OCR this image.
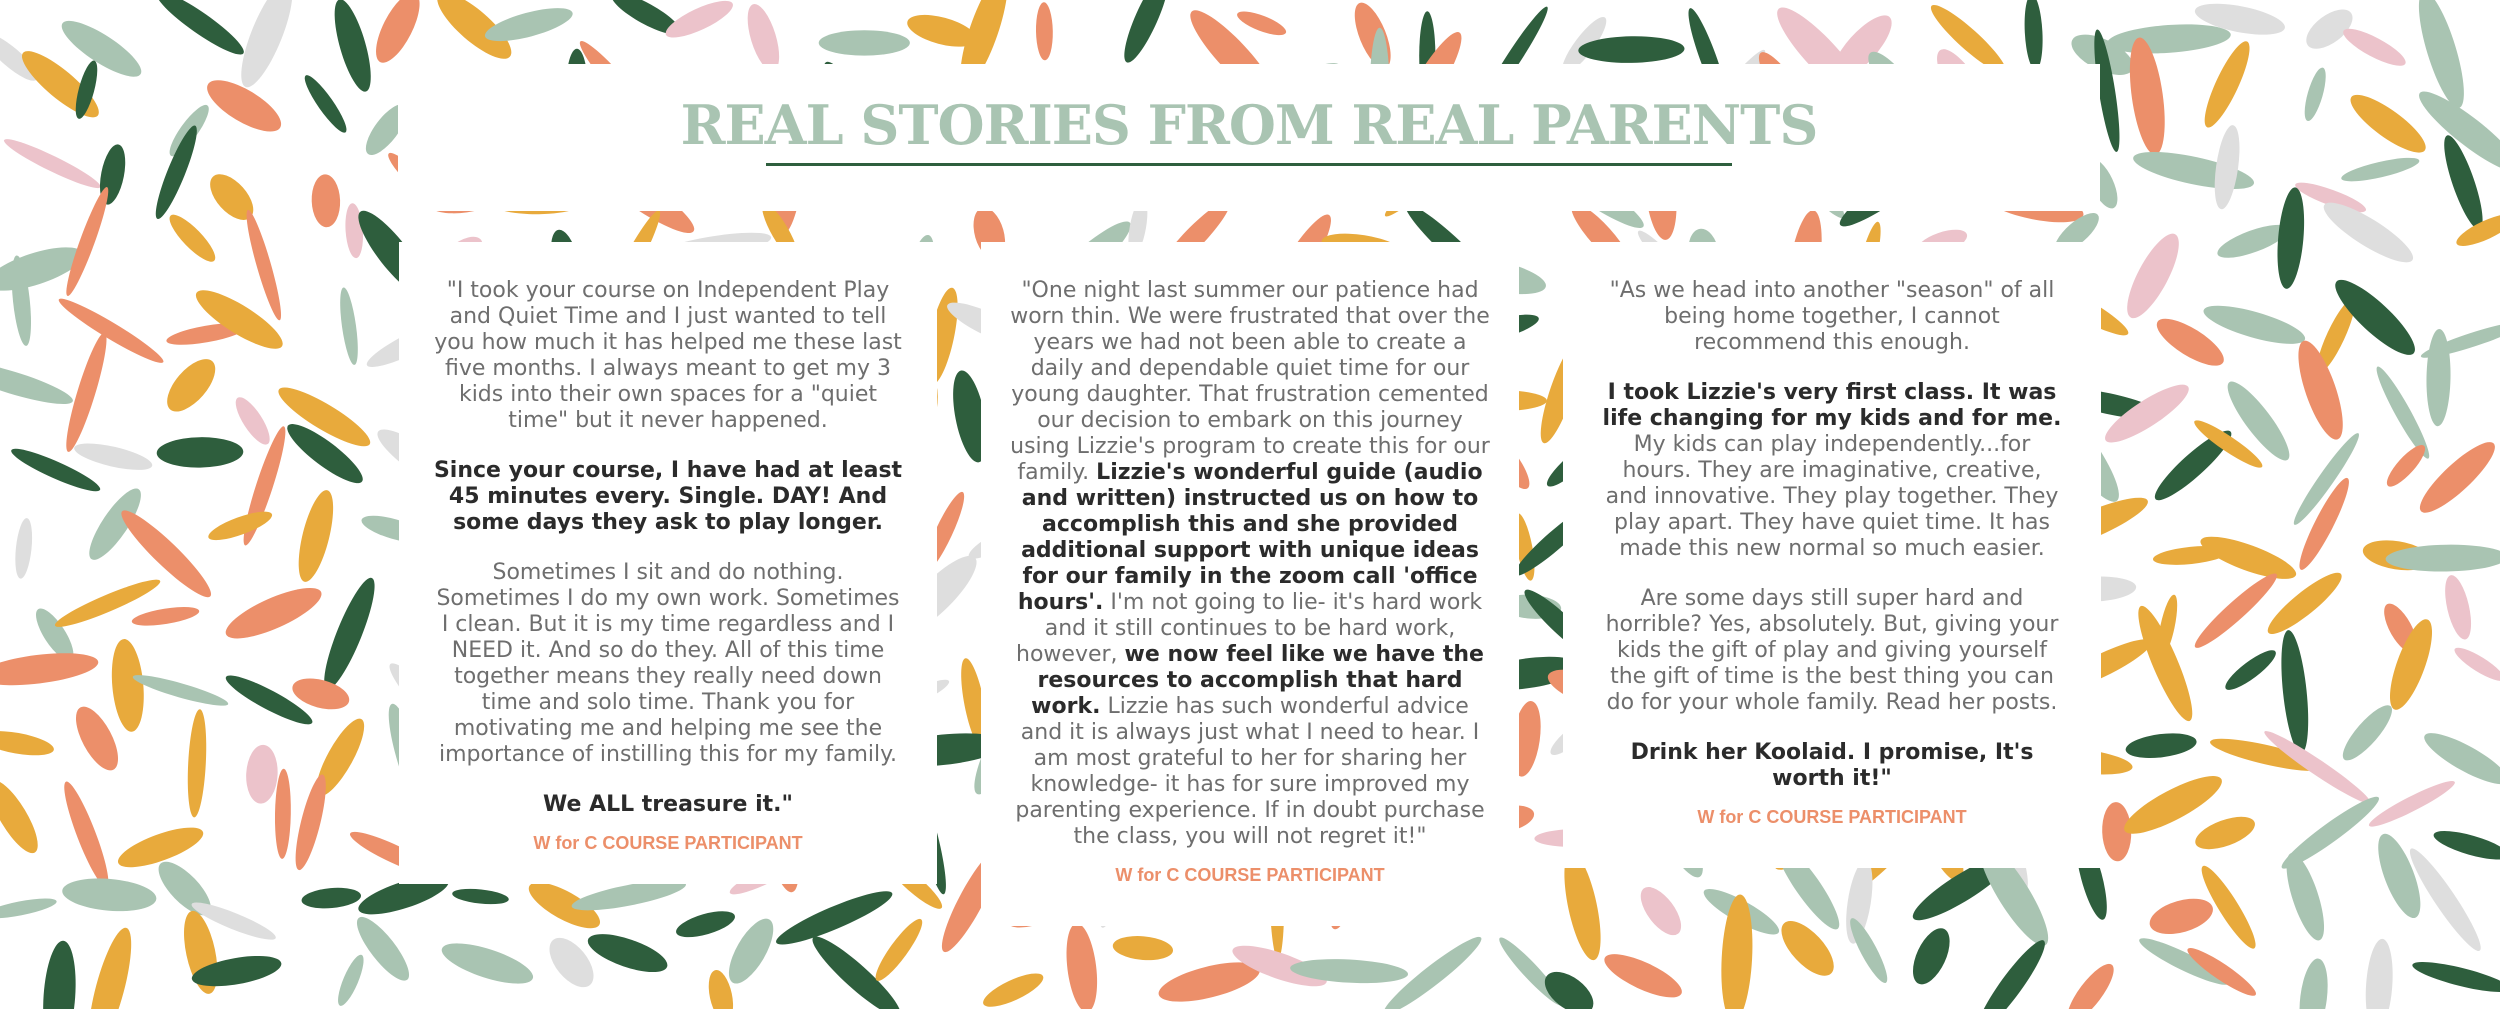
REAL STORIES FROM REAL PARENTS

"I took your course on Independent Play and Quiet Time and I just wanted to tell you how much it has helped me these last five months. I always meant to get my 3 kids into their own spaces for a "quiet time" but it never happened.

Since your course, I have had at least 45 minutes every. Single. DAY! And some days they ask to play longer.

Sometimes I sit and do nothing. Sometimes I do my own work. Sometimes I clean. But it is my time regardless and I NEED it. And so do they. All of this time together means they really need down time and solo time. Thank you for motivating me and helping me see the importance of instilling this for my family.

We ALL treasure it."

W for C COURSE PARTICIPANT

"One night last summer our patience had worn thin. We were frustrated that over the years we had not been able to create a daily and dependable quiet time for our young daughter. That frustration cemented our decision to embark on this journey using Lizzie's program to create this for our family. Lizzie's wonderful guide (audio and written) instructed us on how to accomplish this and she provided additional support with unique ideas for our family in the zoom call 'office hours'. I'm not going to lie- it's hard work and it still continues to be hard work, however, we now feel like we have the resources to accomplish that hard work. Lizzie has such wonderful advice and it is always just what I need to hear. I am most grateful to her for sharing her knowledge- it has for sure improved my parenting experience. If in doubt purchase the class, you will not regret it!"

W for C COURSE PARTICIPANT

"As we head into another "season" of all being home together, I cannot recommend this enough.

I took Lizzie's very first class. It was life changing for my kids and for me. My kids can play independently...for hours. They are imaginative, creative, and innovative. They play together. They play apart. They have quiet time. It has made this new normal so much easier.

Are some days still super hard and horrible? Yes, absolutely. But, giving your kids the gift of play and giving yourself the gift of time is the best thing you can do for your whole family. Read her posts.

Drink her Koolaid. I promise, It's worth it!"

W for C COURSE PARTICIPANT
